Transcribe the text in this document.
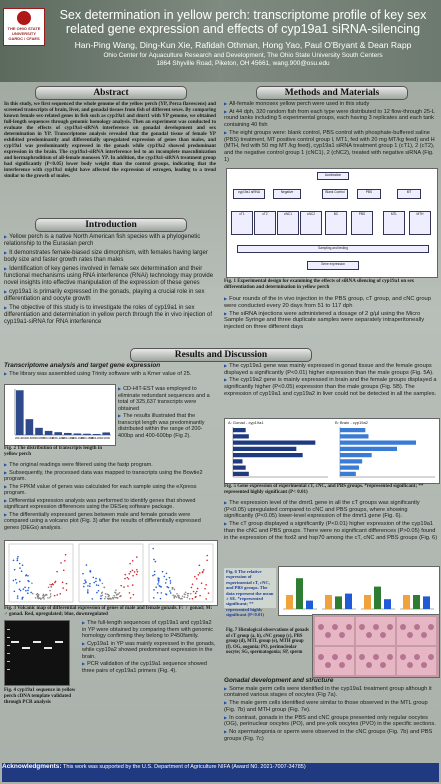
THE OHIO STATE UNIVERSITY
OARDC / CFAES
Sex determination in yellow perch: transcriptome profile of key sex
related gene expression and effects of cyp19a1 siRNA-silencing
Han-Ping Wang, Ding-Kun Xie, Rafidah Othman, Hong Yao, Paul O'Bryant & Dean Rapp
Ohio Center for Aquaculture Research and Development, The Ohio State University South Centers
1864 Shyville Road, Piketon, OH 45661, wang.900@osu.edu
Abstract
In this study, we first sequenced the whole genome of the yellow perch (YP, Perca flavescens) and screened transcripts of brain, liver, and gonadal tissues from fish of different sexes. By comparing known female sex-related genes in fish such as cyp19a1 and dmrt1 with YP genome, we obtained full-length sequences through genomic homology analysis. Then an experiment was conducted to evaluate the effects of cyp19a1-siRNA interference on gonadal development and sex determination in YP. Transcriptome analysis revealed that the gonadal tissue of female YP exhibited predominantly and differentially upregulated expression of genes than males, and cyp19a1 was predominantly expressed in the gonads while cyp19a2 showed predominant expression in the brain. The cyp19a1-siRNA interference led to an incomplete masculinization and hermaphroditism of all-female monosex YP. In addition, the cyp19a1-siRNA treatment group had significantly (P<0.05) lower body weight than the control groups, indicating that the interference with cyp19a1 might have affected the expression of estrogen, leading to a trend similar to the growth of males.
Introduction

▶ Yellow perch is a native North American fish species with a phylogenetic relationship to the Eurasian perch

▶ It demonstrates female-biased size dimorphism, with females having larger body size and faster growth rates than males

▶ Identification of key genes involved in female sex determination and their functional mechanisms using RNA interference (RNAi) technology may provide novel insights into effective manipulation of the expression of these genes

▶ cyp19a1 is primarily expressed in the gonads, playing a crucial role in sex differentiation and oocyte growth

▶ The objective of this study is to investigate the roles of cyp19a1 in sex differentiation and determination in yellow perch through the in vivo injection of cyp19a1-siRNA for RNA interference

Methods and Materials

▶ All-female monosex yellow perch were used in this study

▶ At 44 dph, 320 random fish from each type were distributed to 12 flow-through 25-L round tanks including 5 experimental groups, each having 3 replicates and each tank containing 40 fish

▶ The eight groups were: blank control, PBS control with phosphate-buffered saline (PBS) treatment, MT positive control group I, MT1, fed with 20 mg MT/kg feed) and H (MTH, fed with 50 mg MT /kg feed), cyp19a1 siRNA treatment group 1 (cT1), 2 (cT2), and the negative control group 1 (cNC1), 2 (cNC2), treated with negative siRNA (Fig. 1)

Acclimation
cyp19a1 siRNA	Negative	Blank Control	PBS	MT
cT1	cT2	cNC1	cNC2	BC	PBS	MTL	MTH
Sampling and testing
Gene expression
Fig. 1 Experimental design for examining the effects of siRNA silencing of cyp19a1 on sex differentiation and determination in yellow perch

▶ Four rounds of the in vivo injection in the PBS group, cT group, and cNC group were conducted every 20 days from 51 to 117 dph

▶ The siRNA injections were administered a dosage of 2 g/μl using the Micro Sample Syringe and three duplicate samples were separately intraperitoneally injected on three different days

Results and Discussion

Transcriptome analysis and target gene expression

▶ The library was assembled using Trinity software with a Kmer value of 25.

200-400 400-600 600-800 800-1000
1000-1200
1200-1400
1400-1600
1600-1800
1800-2000 >2000
Fig. 2 The distribution of transcripts length in yellow perch

▶ CD-HIT-EST was employed to eliminate redundant sequences and a total of 325,637 transcripts were obtained

▶ The results illustrated that the transcript length was predominantly distributed within the range of 200-400bp and 400-600bp (Fig 2).

▶ The original readings were filtered using the fastp program.

▶ Subsequently, the processed data was mapped to transcripts using the Bowtie2 program.

▶ The FPKM value of genes was calculated for each sample using the eXpress program.

▶ Differential expression analysis was performed to identify genes that showed significant expression differences using the DESeq software package.

▶ The differentially expressed genes between male and female gonads were compared using a volcano plot (Fig. 3) after the results of differentially expressed genes (DEGs) analysis.

Fig. 3 Volcanic map of differential expression of genes of male and female gonads. F: ♀ gonad; M: ♂ gonad. Red, upregulated; blue, downregulated
Fig. 4 cyp19a1 sequence in yellow perch cDNA template validated through PCR analysis

▶ The full-length sequences of cyp19a1 and cyp19a2 in YP were obtained by comparing them with genomic homology confirming they belong to P450family.

▶ Cyp19a1 in YP was mainly expressed in the gonads, while cyp19a2 showed predominant expression in the brain.

▶ PCR validation of the cyp19a1 sequence showed three pairs of cyp19a1 primers (Fig. 4).

▶ The cyp19a1 gene was mainly expressed in gonad tissue and the female groups displayed a significantly (P<0.01) higher expression than the male groups (Fig. 5A).

▶ The cyp19a2 gene is mainly expressed in brain and the female groups displayed a significantly higher (P<0.05) expression than the male groups (Fig. 5B). The expression of cyp19a1 and cyp19a2 in liver could not be detected in all the samples.

A: Gonad - cyp19a1	B: Brain - cyp19a2
Fig. 5 Gene expression of experimental cT, cNC, and PBS groups. *represented significant; ** represented highly significant (P< 0.01)

▶ The expression level of the dmrt1 gene in all the cT groups was significantly (P<0.05) upregulated compared to cNC and PBS groups, where showing significantly (P<0.05) lower-level expression of the dmrt1 gene (Fig. 6).

▶ The cT group displayed a significantly (P<0.01) higher expression of the cyp19a1 than the cNC and PBS groups. There were no significant differences (P>0.05) found in the expression of the foxl2 and hsp70 among the cT, cNC and PBS groups (Fig. 6)

Fig. 6 The relative expression of experimental cT, cNC, and PBS groups. The data represent the mean ± SE. *represented significant; ** represented highly significant (P<0.01)
Fig. 7 Histological observations of gonads of cT group (a, b), cNC group (c), PBS group (d), MTL group (e), MTH group (f). OG, oogonia; PO, perinucleolar oocyte; SG, spermatogonia; SP, sperm

Gonadal development and structure

▶ Some male germ cells were identified in the cyp19a1 treatment group although it contained various stages of oocytes (Fig 7a).

▶ The male germ cells identified were similar to those observed in the MTL group (Fig. 7b) and MTH group (Fig. 7e).

▶ In contrast, gonads in the PBS and cNC groups presented only regular oocytes (OG), perinuclear oocytes (PO), and pre-yolk oocytes (PVO) in the specific sections.

▶ No spermatogonia or sperm were observed in the cNC groups (Fig. 7b) and PBS groups (Fig. 7c)

Acknowledgments: This work was supported by the U.S. Department of Agriculture NIFA (Award N0. 2021-7007-34785)
